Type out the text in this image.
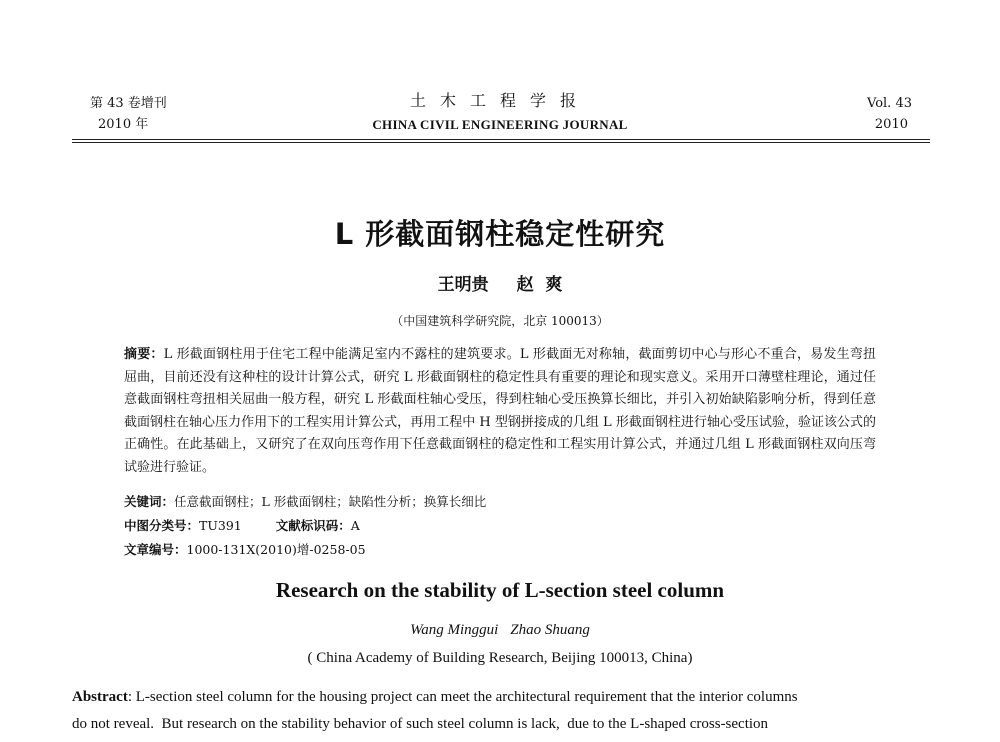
第 43 卷增刊
2010 年
土木工程学报
CHINA CIVIL ENGINEERING JOURNAL
Vol. 43
2010
L 形截面钢柱稳定性研究
王明贵 赵  爽
（中国建筑科学研究院，北京 100013）
摘要：L 形截面钢柱用于住宅工程中能满足室内不露柱的建筑要求。L 形截面无对称轴，截面剪切中心与形心不重合，易发生弯扭屈曲，目前还没有这种柱的设计计算公式，研究 L 形截面钢柱的稳定性具有重要的理论和现实意义。采用开口薄壁柱理论，通过任意截面钢柱弯扭相关屈曲一般方程，研究 L 形截面柱轴心受压，得到柱轴心受压换算长细比，并引入初始缺陷影响分析，得到任意截面钢柱在轴心压力作用下的工程实用计算公式，再用工程中 H 型钢拼接成的几组 L 形截面钢柱进行轴心受压试验，验证该公式的正确性。在此基础上，又研究了在双向压弯作用下任意截面钢柱的稳定性和工程实用计算公式，并通过几组 L 形截面钢柱双向压弯试验进行验证。
关键词：任意截面钢柱；L 形截面钢柱；缺陷性分析；换算长细比
中图分类号：TU391	文献标识码：A
文章编号：1000-131X(2010)增-0258-05
Research on the stability of L-section steel column
Wang Minggui Zhao Shuang
( China Academy of Building Research, Beijing 100013, China)
Abstract: L-section steel column for the housing project can meet the architectural requirement that the interior columns
do not reveal.  But research on the stability behavior of such steel column is lack,  due to the L-shaped cross-section
